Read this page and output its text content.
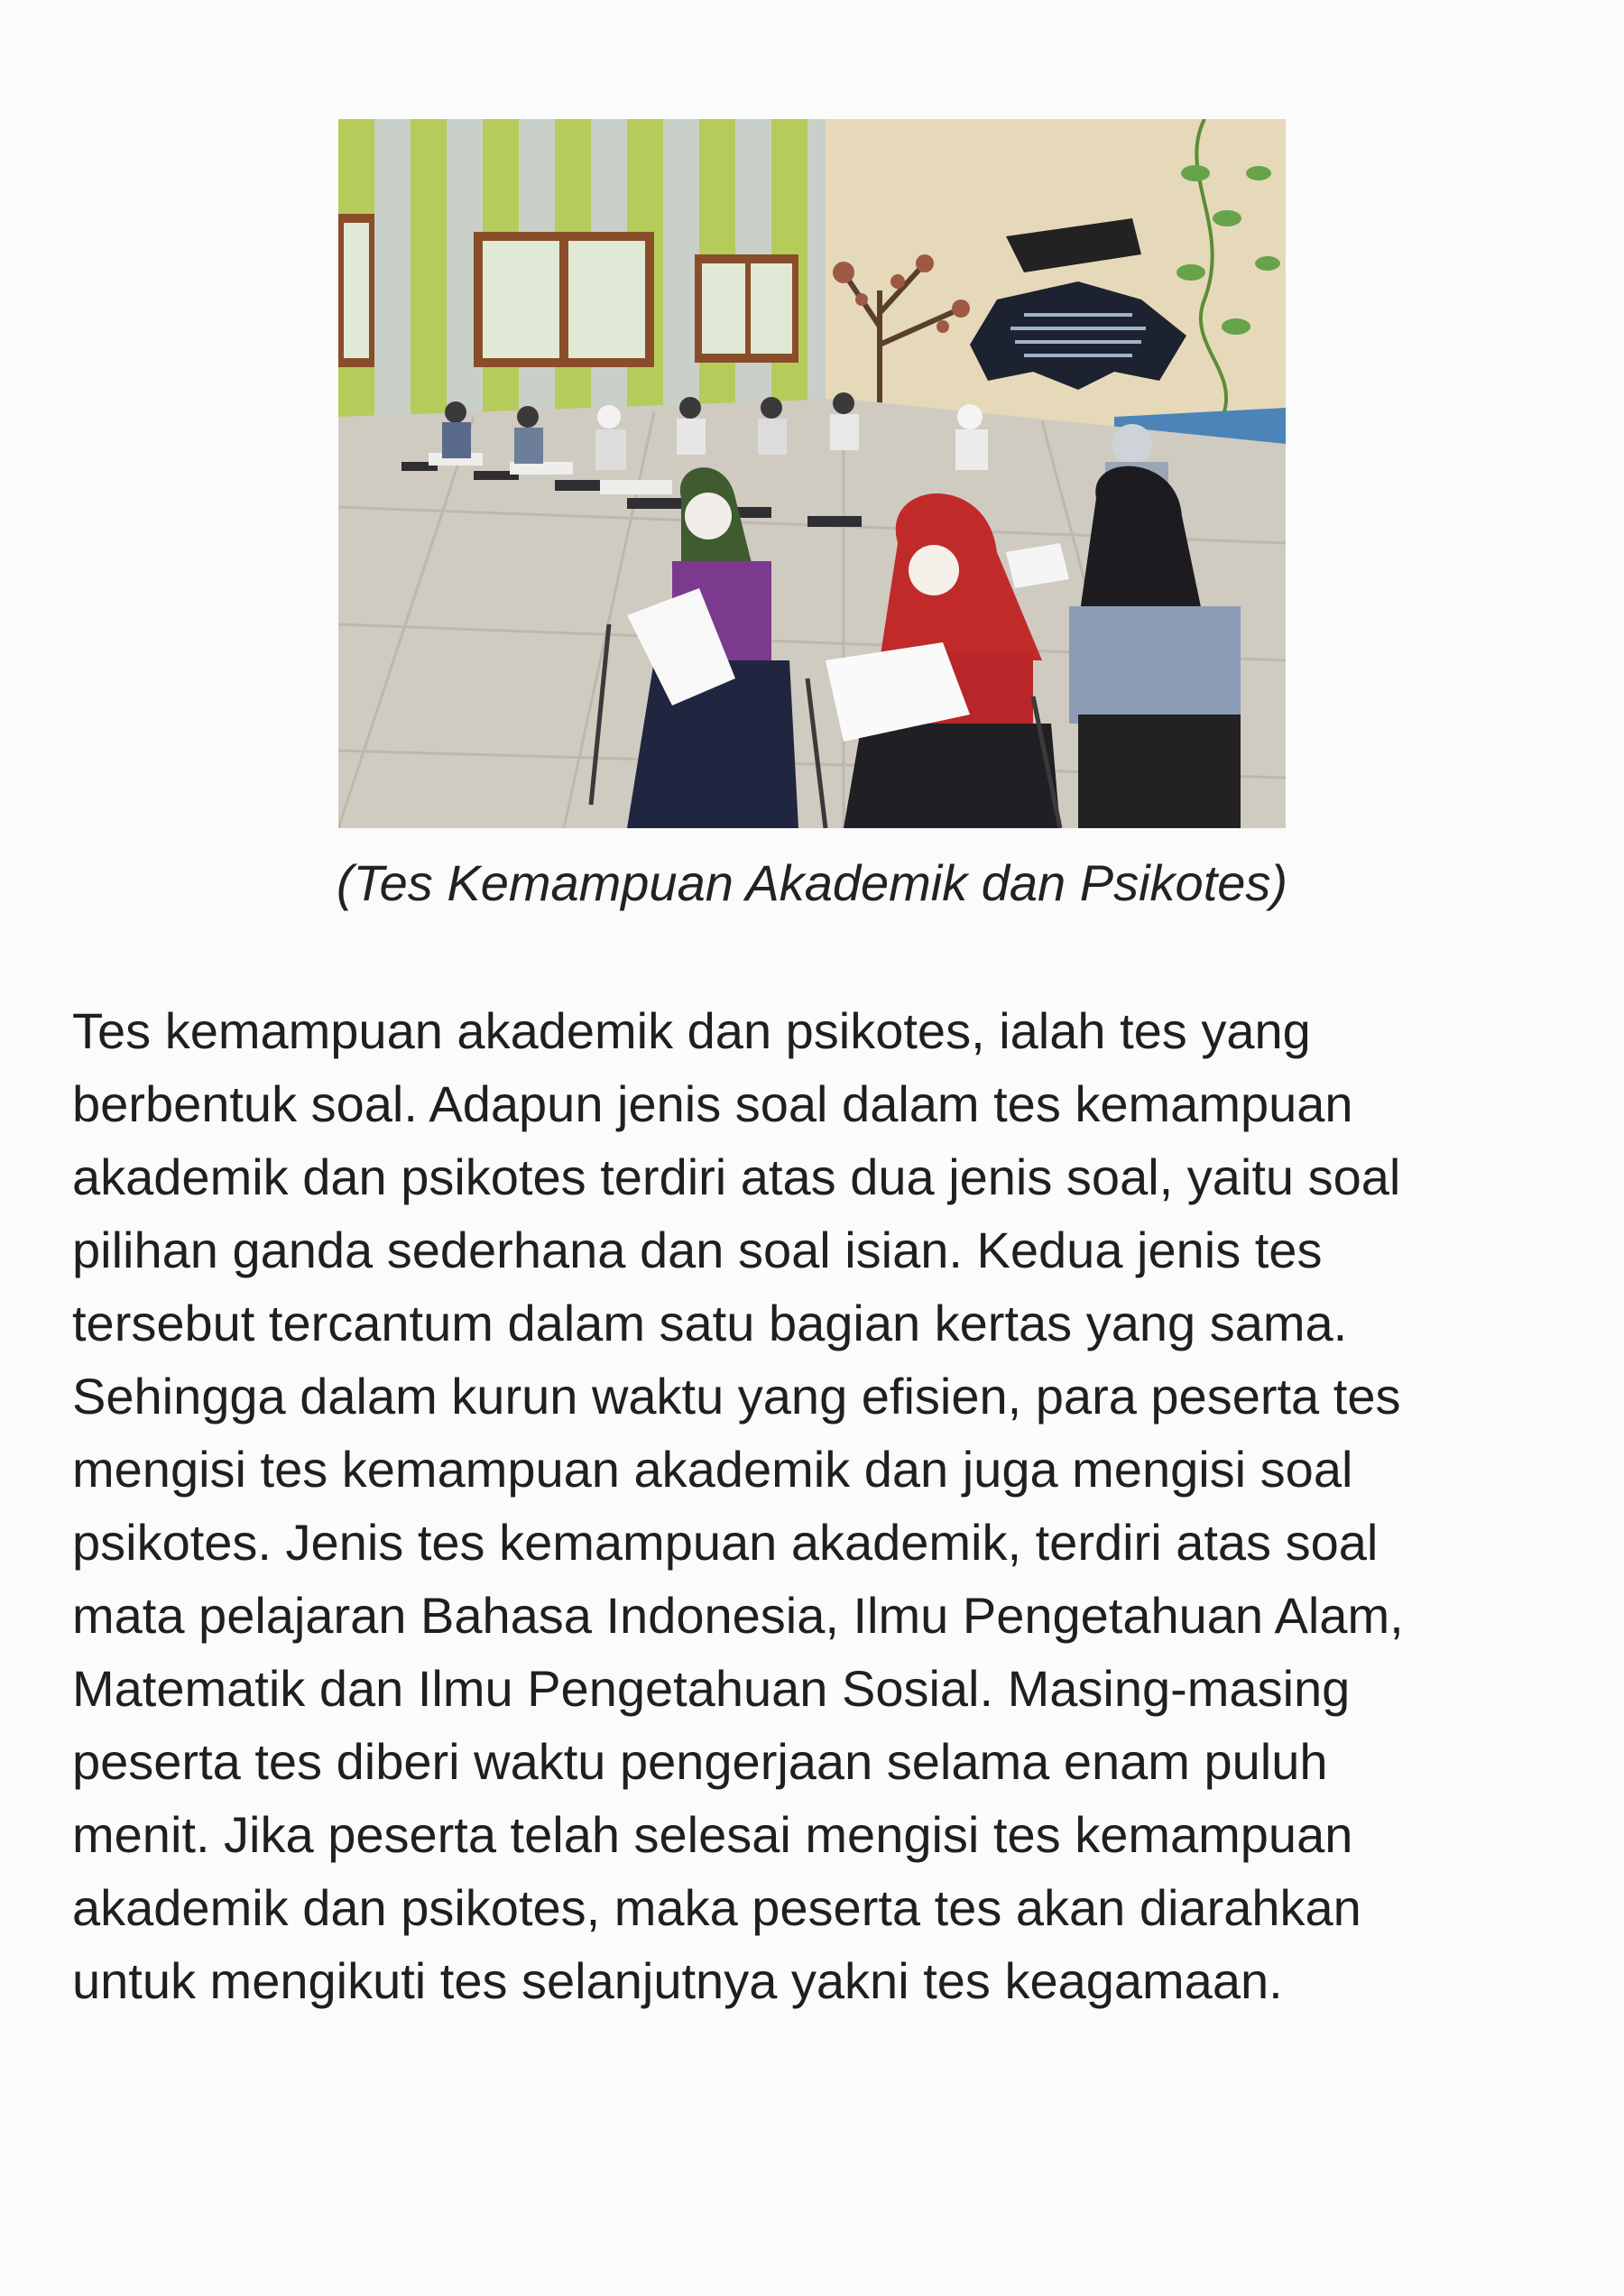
(Tes Kemampuan Akademik dan Psikotes)

Tes kemampuan akademik dan psikotes, ialah tes yang
berbentuk soal. Adapun jenis soal dalam tes kemampuan
akademik dan psikotes terdiri atas dua jenis soal, yaitu soal
pilihan ganda sederhana dan soal isian. Kedua jenis tes
tersebut tercantum dalam satu bagian kertas yang sama.
Sehingga dalam kurun waktu yang efisien, para peserta tes
mengisi tes kemampuan akademik dan juga mengisi soal
psikotes. Jenis tes kemampuan akademik, terdiri atas soal
mata pelajaran Bahasa Indonesia, Ilmu Pengetahuan Alam,
Matematik dan Ilmu Pengetahuan Sosial. Masing-masing
peserta tes diberi waktu pengerjaan selama enam puluh
menit. Jika peserta telah selesai mengisi tes kemampuan
akademik dan psikotes, maka peserta tes akan diarahkan
untuk mengikuti tes selanjutnya yakni tes keagamaan.
